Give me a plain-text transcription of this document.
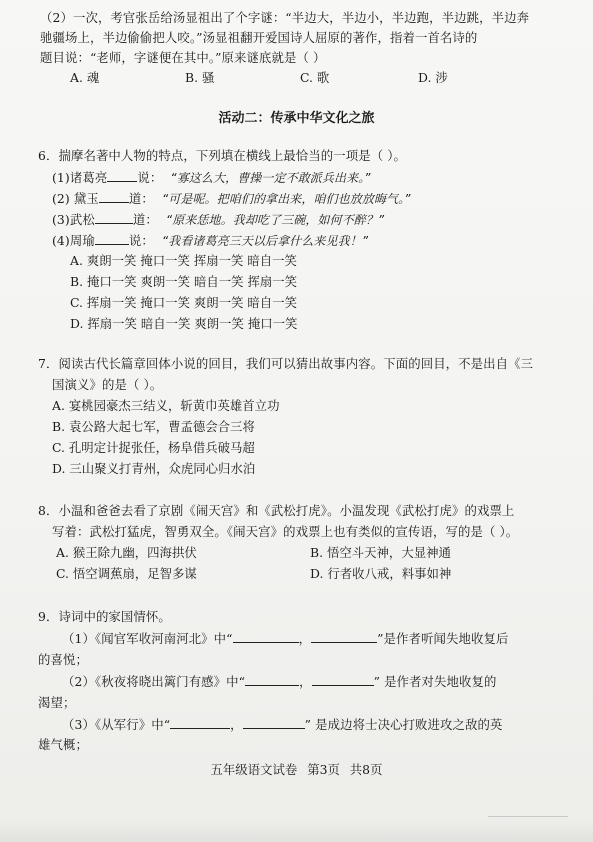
（2）一次，考官张岳给汤显祖出了个字谜：“半边大，半边小，半边跑，半边跳，半边奔
驰疆场上，半边偷偷把人咬。”汤显祖翻开爱国诗人屈原的著作，指着一首名诗的
题目说：“老师，字谜便在其中。”原来谜底就是（ ）
A. 魂	B. 骚	C. 歌	D. 涉
活动二：传承中华文化之旅
6．揣摩名著中人物的特点，下列填在横线上最恰当的一项是（ ）。
(1)诸葛亮 说： “寡这么大，曹操一定不敢派兵出来。”
(2) 黛玉 道： “可是呢。把咱们的拿出来，咱们也放放晦气。”
(3)武松	道： “原来恁地。我却吃了三碗，如何不醉？”
(4)周瑜	说： “我看诸葛亮三天以后拿什么来见我！”
A. 爽朗一笑 掩口一笑 挥扇一笑 暗自一笑
B. 掩口一笑 爽朗一笑 暗自一笑 挥扇一笑
C. 挥扇一笑 掩口一笑 爽朗一笑 暗自一笑
D. 挥扇一笑 暗自一笑 爽朗一笑 掩口一笑
7．阅读古代长篇章回体小说的回目，我们可以猜出故事内容。下面的回目，不是出自《三
国演义》的是（ ）。
A. 宴桃园豪杰三结义，斩黄巾英雄首立功
B. 袁公路大起七军，曹孟德会合三将
C. 孔明定计捉张任，杨阜借兵破马超
D. 三山聚义打青州，众虎同心归水泊
8．小温和爸爸去看了京剧《闹天宫》和《武松打虎》。小温发现《武松打虎》的戏票上
写着：武松打猛虎，智勇双全。《闹天宫》的戏票上也有类似的宣传语，写的是（ ）。
A. 猴王除九幽，四海拱伏	B. 悟空斗天神，大显神通
C. 悟空调蕉扇，足智多谋	D. 行者收八戒，料事如神
9．诗词中的家国情怀。
（1）《闻官军收河南河北》中“	，	”是作者听闻失地收复后
的喜悦；
（2）《秋夜将晓出篱门有感》中“	，	” 是作者对失地收复的
渴望；
（3）《从军行》中“	，	” 是成边将士决心打败进攻之敌的英
雄气概；
五年级语文试卷 第3页 共8页
